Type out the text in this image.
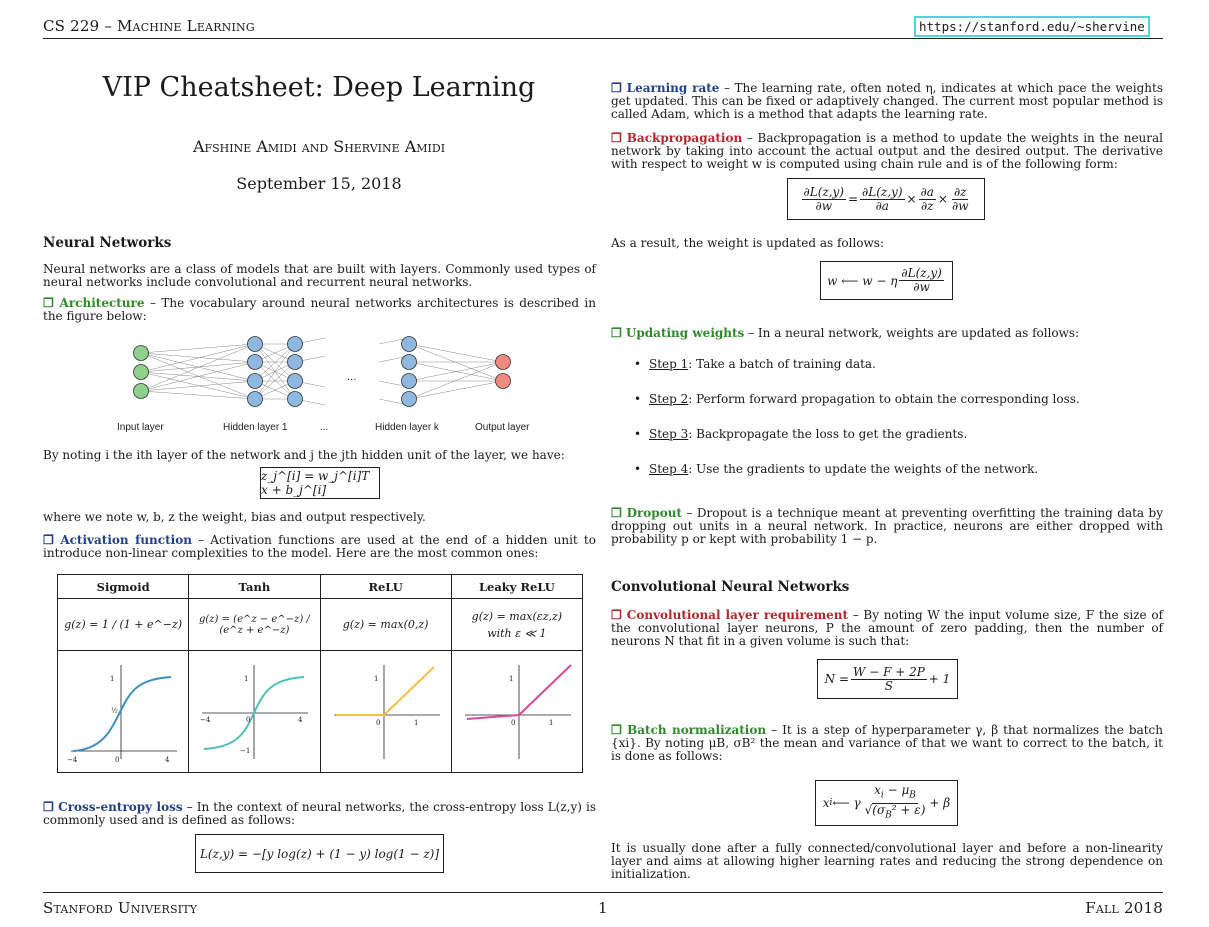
CS 229 – Machine Learning	https://stanford.edu/~shervine
VIP Cheatsheet: Deep Learning
Afshine Amidi and Shervine Amidi
September 15, 2018
Neural Networks
Neural networks are a class of models that are built with layers. Commonly used types of neural networks include convolutional and recurrent neural networks.
❒ Architecture – The vocabulary around neural networks architectures is described in the figure below:
Input layer	Hidden layer 1	...	Hidden layer k	Output layer
...
By noting i the ith layer of the network and j the jth hidden unit of the layer, we have:
z_j^[i] = w_j^[i]T x + b_j^[i]
where we note w, b, z the weight, bias and output respectively.
❒ Activation function – Activation functions are used at the end of a hidden unit to introduce non-linear complexities to the model. Here are the most common ones:
Sigmoid	Tanh	ReLU	Leaky ReLU
g(z) = 1 / (1 + e^−z)	g(z) = (e^z − e^−z) / (e^z + e^−z)	g(z) = max(0,z)	g(z) = max(εz,z)
with ε ≪ 1

−4 0 4
1
½	−4 0 4
1
−1	0 1
1	0 1
1
❒ Cross-entropy loss – In the context of neural networks, the cross-entropy loss L(z,y) is commonly used and is defined as follows:
L(z,y) = −[y log(z) + (1 − y) log(1 − z)]
❒ Learning rate – The learning rate, often noted η, indicates at which pace the weights get updated. This can be fixed or adaptively changed. The current most popular method is called Adam, which is a method that adapts the learning rate.
❒ Backpropagation – Backpropagation is a method to update the weights in the neural network by taking into account the actual output and the desired output. The derivative with respect to weight w is computed using chain rule and is of the following form:
$\frac{\partial L(z,y)}{\partial w} = \frac{\partial L(z,y)}{\partial a} \times \frac{\partial a}{\partial z} \times \frac{\partial z}{\partial w}$
As a result, the weight is updated as follows:
w ⟵ w − η $\frac{\partial L(z,y)}{\partial w}$
❒ Updating weights – In a neural network, weights are updated as follows:
• Step 1: Take a batch of training data.
• Step 2: Perform forward propagation to obtain the corresponding loss.
• Step 3: Backpropagate the loss to get the gradients.
• Step 4: Use the gradients to update the weights of the network.
❒ Dropout – Dropout is a technique meant at preventing overfitting the training data by dropping out units in a neural network. In practice, neurons are either dropped with probability p or kept with probability 1 − p.
Convolutional Neural Networks
❒ Convolutional layer requirement – By noting W the input volume size, F the size of the convolutional layer neurons, P the amount of zero padding, then the number of neurons N that fit in a given volume is such that:
$N = \frac{W - F + 2P}{S} + 1$
❒ Batch normalization – It is a step of hyperparameter γ, β that normalizes the batch {xi}. By noting μB, σB² the mean and variance of that we want to correct to the batch, it is done as follows:
x i ⟵ γ $\frac{x_i - \mu_B}{√(\sigma_B^2 + \varepsilon)} + \beta$
It is usually done after a fully connected/convolutional layer and before a non-linearity layer and aims at allowing higher learning rates and reducing the strong dependence on initialization.
Stanford University	1	Fall 2018
